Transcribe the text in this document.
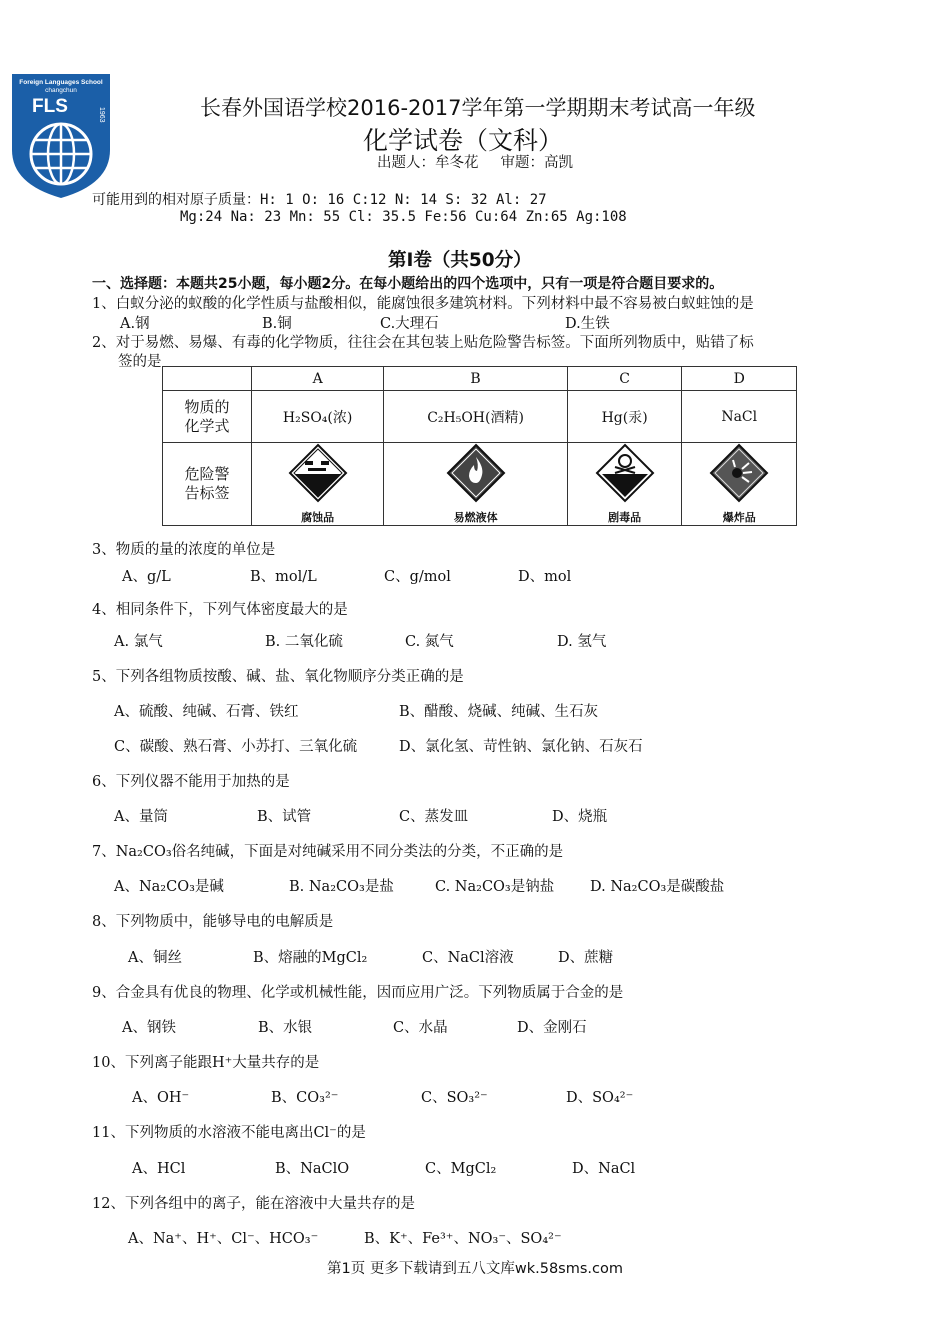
Foreign Languages School
changchun
FLS	1963	长春外国语学校2016-2017学年第一学期期末考试高一年级
化学试卷（文科）
出题人：牟冬花 审题：高凯
可能用到的相对原子质量：H: 1 O: 16 C:12 N: 14 S: 32 Al: 27
Mg:24 Na: 23 Mn: 55 Cl: 35.5 Fe:56 Cu:64 Zn:65 Ag:108
第Ⅰ卷（共50分）
一、选择题：本题共25小题，每小题2分。在每小题给出的四个选项中，只有一项是符合题目要求的。
1、白蚁分泌的蚁酸的化学性质与盐酸相似，能腐蚀很多建筑材料。下列材料中最不容易被白蚁蛀蚀的是
A.钢	B.铜	C.大理石	D.生铁
2、对于易燃、易爆、有毒的化学物质，往往会在其包装上贴危险警告标签。下面所列物质中，贴错了标
签的是
	A	B	C	D
物质的化学式	H₂SO₄(浓)	C₂H₅OH(酒精)	Hg(汞)	NaCl
危险警告标签	腐蚀品	易燃液体	剧毒品	爆炸品
3、物质的量的浓度的单位是
A、g/L	B、mol/L	C、g/mol	D、mol
4、相同条件下，下列气体密度最大的是
A. 氯气	B. 二氧化硫	C. 氮气	D. 氢气
5、下列各组物质按酸、碱、盐、氧化物顺序分类正确的是
A、硫酸、纯碱、石膏、铁红	B、醋酸、烧碱、纯碱、生石灰
C、碳酸、熟石膏、小苏打、三氧化硫	D、氯化氢、苛性钠、氯化钠、石灰石
6、下列仪器不能用于加热的是
A、量筒	B、试管	C、蒸发皿	D、烧瓶
7、Na₂CO₃俗名纯碱，下面是对纯碱采用不同分类法的分类，不正确的是
A、Na₂CO₃是碱	B. Na₂CO₃是盐	C. Na₂CO₃是钠盐 D. Na₂CO₃是碳酸盐
8、下列物质中，能够导电的电解质是
A、铜丝	B、熔融的MgCl₂	C、NaCl溶液	D、蔗糖
9、合金具有优良的物理、化学或机械性能，因而应用广泛。下列物质属于合金的是
A、钢铁	B、水银	C、水晶	D、金刚石
10、下列离子能跟H⁺大量共存的是
A、OH⁻	B、CO₃²⁻	C、SO₃²⁻	D、SO₄²⁻
11、下列物质的水溶液不能电离出Cl⁻的是
A、HCl	B、NaClO	C、MgCl₂	D、NaCl
12、下列各组中的离子，能在溶液中大量共存的是
A、Na⁺、H⁺、Cl⁻、HCO₃⁻	B、K⁺、Fe³⁺、NO₃⁻、SO₄²⁻
第1页 更多下载请到五八文库wk.58sms.com
